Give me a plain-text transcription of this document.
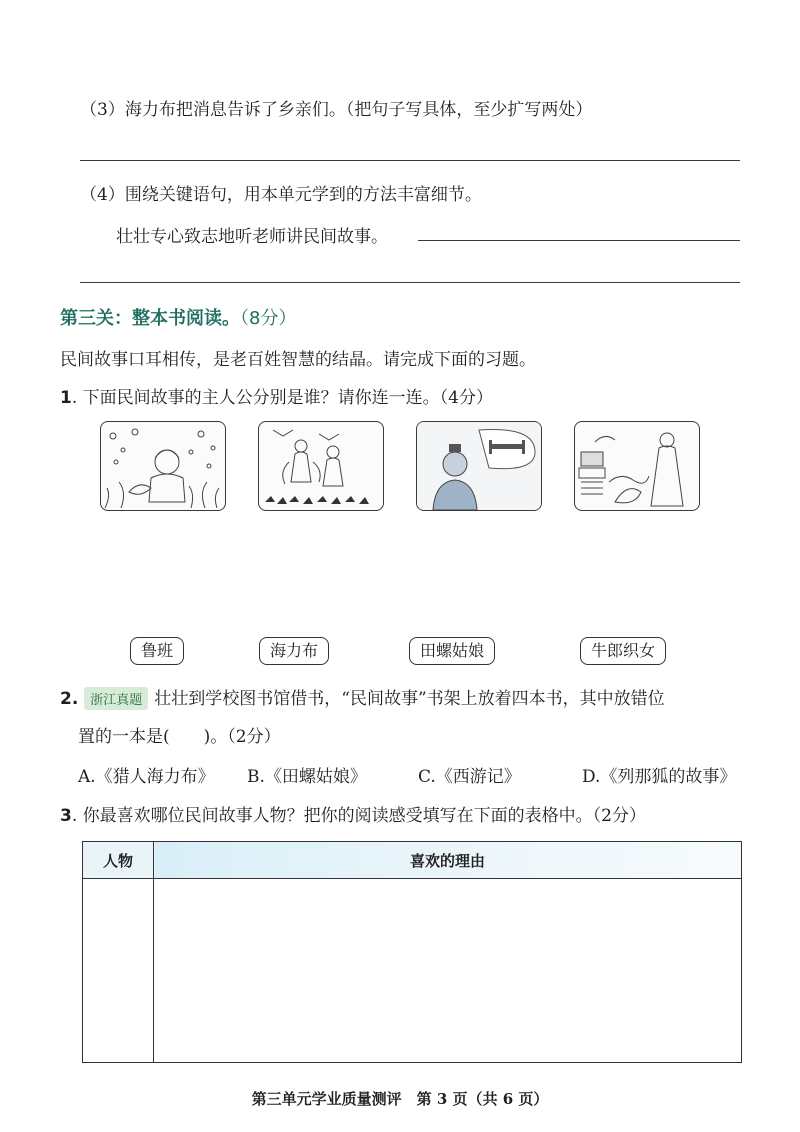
（3）海力布把消息告诉了乡亲们。（把句子写具体，至少扩写两处）
（4）围绕关键语句，用本单元学到的方法丰富细节。
壮壮专心致志地听老师讲民间故事。
第三关：整本书阅读。（8分）
民间故事口耳相传，是老百姓智慧的结晶。请完成下面的习题。
1. 下面民间故事的主人公分别是谁？请你连一连。（4分）
鲁班	海力布	田螺姑娘	牛郎织女
2. 浙江真题 壮壮到学校图书馆借书，“民间故事”书架上放着四本书，其中放错位
置的一本是(　　)。（2分）
A.《猎人海力布》 B.《田螺姑娘》	C.《西游记》	D.《列那狐的故事》
3. 你最喜欢哪位民间故事人物？把你的阅读感受填写在下面的表格中。（2分）
人物	喜欢的理由

第三单元学业质量测评　第 3 页（共 6 页）
